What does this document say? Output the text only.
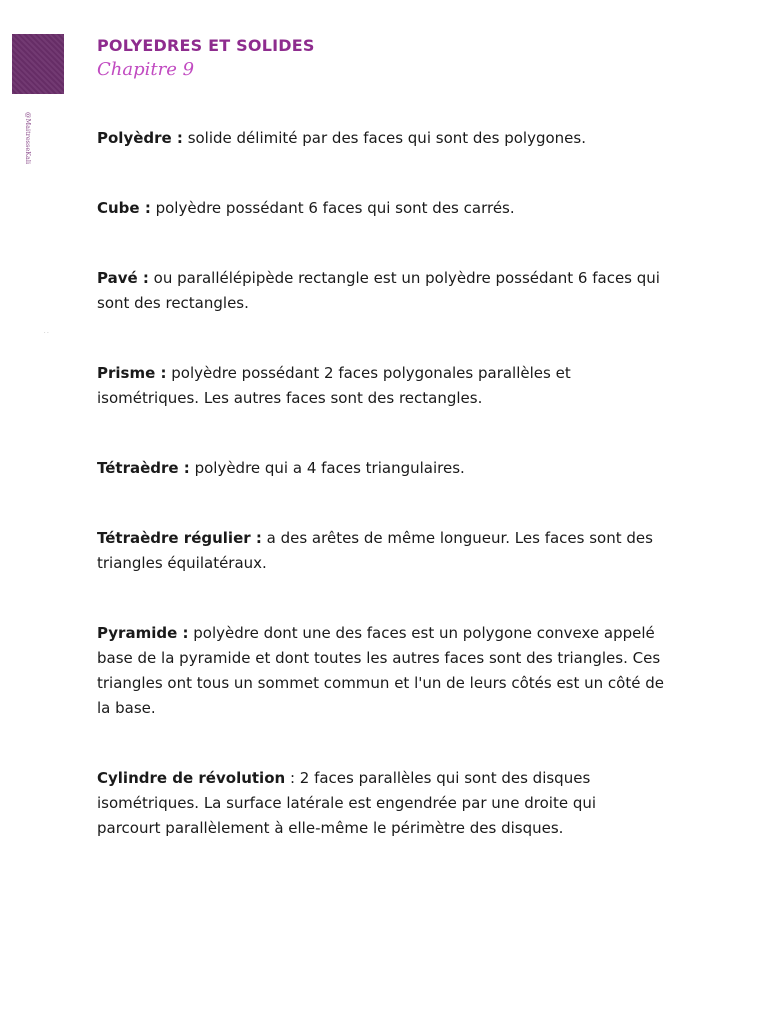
@MaitresseKali
· ·
POLYEDRES ET SOLIDES
Chapitre 9

Polyèdre : solide délimité par des faces qui sont des polygones.

Cube : polyèdre possédant 6 faces qui sont des carrés.

Pavé : ou parallélépipède rectangle est un polyèdre possédant 6 faces qui sont des rectangles.

Prisme : polyèdre possédant 2 faces polygonales parallèles et isométriques. Les autres faces sont des rectangles.

Tétraèdre : polyèdre qui a 4 faces triangulaires.

Tétraèdre régulier : a des arêtes de même longueur. Les faces sont des triangles équilatéraux.

Pyramide : polyèdre dont une des faces est un polygone convexe appelé base de la pyramide et dont toutes les autres faces sont des triangles. Ces triangles ont tous un sommet commun et l'un de leurs côtés est un côté de la base.

Cylindre de révolution : 2 faces parallèles qui sont des disques isométriques. La surface latérale est engendrée par une droite qui parcourt parallèlement à elle-même le périmètre des disques.
